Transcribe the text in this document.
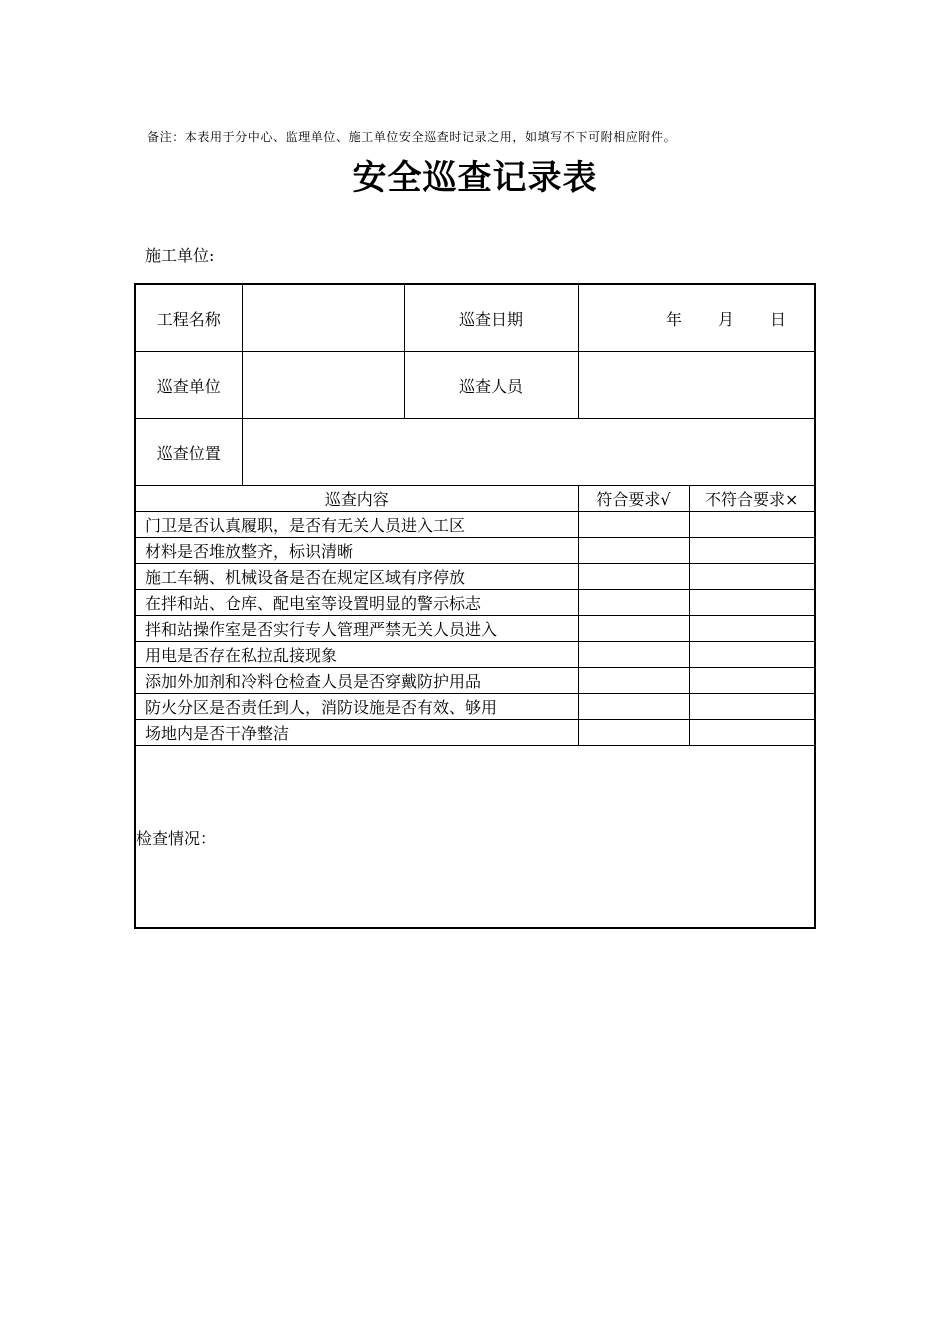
备注：本表用于分中心、监理单位、施工单位安全巡查时记录之用，如填写不下可附相应附件。
安全巡查记录表
施工单位:
工程名称		巡查日期	年 月 日	
巡查单位		巡查人员		
巡查位置				
巡查内容			符合要求√	不符合要求×
门卫是否认真履职，是否有无关人员进入工区				
材料是否堆放整齐，标识清晰				
施工车辆、机械设备是否在规定区域有序停放				
在拌和站、仓库、配电室等设置明显的警示标志				
拌和站操作室是否实行专人管理严禁无关人员进入				
用电是否存在私拉乱接现象				
添加外加剂和冷料仓检查人员是否穿戴防护用品				
防火分区是否责任到人，消防设施是否有效、够用				
场地内是否干净整洁				
检查情况：				
